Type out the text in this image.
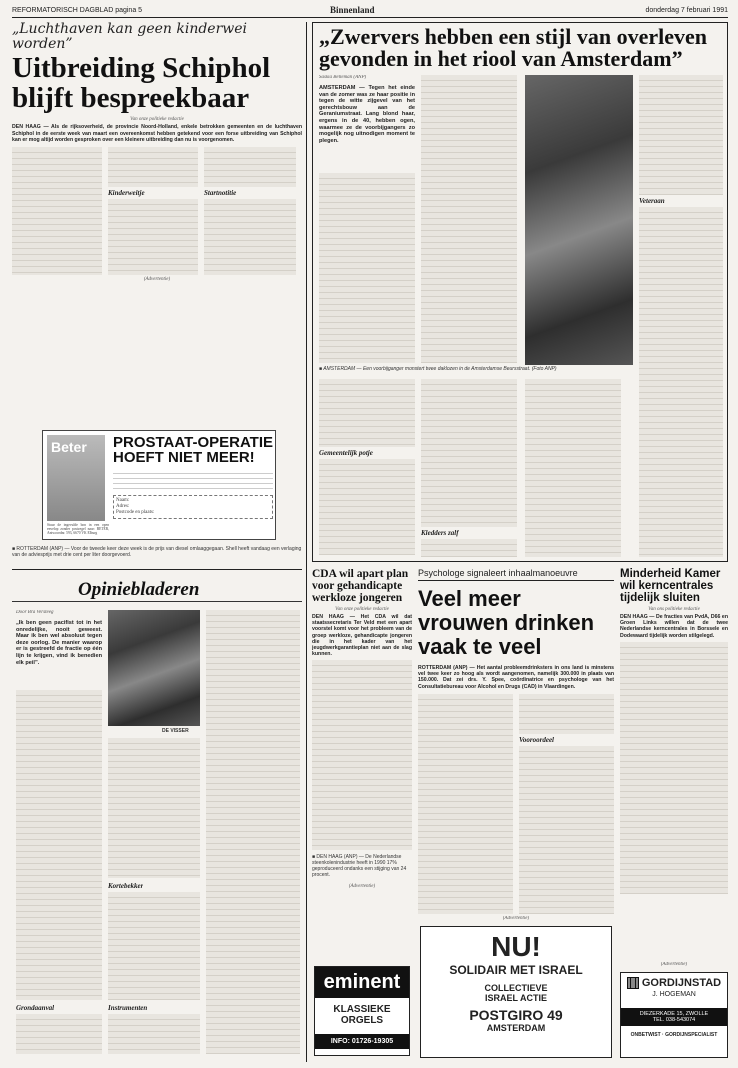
REFORMATORISCH DAGBLAD pagina 5	Binnenland	donderdag 7 februari 1991
„Luchthaven kan geen kinderwei worden”
Uitbreiding Schiphol blijft bespreekbaar
Van onze politieke redactie
DEN HAAG — Als de rijksoverheid, de provincie Noord-Holland, enkele betrokken gemeenten en de luchthaven Schiphol in de eerste week van maart een overeenkomst hebben getekend voor een forse uitbreiding van Schiphol kan er mog altijd worden gesproken over een kleinere uitbreiding dan nu is voorgenomen.
Kinderweitje	Startnotitie
(Advertentie)
Beter	PROSTAAT-OPERATIE HOEFT NIET MEER!
Naam:
Adres:
Postcode en plaats:
Stuur de ingevulde bon in een open envelop zonder postzegel naar: BETER, Antwoordnr. 593, 6670 VK Elburg
■ ROTTERDAM (ANP) — Voor de tweede keer deze week is de prijs van diesel omlaaggegaan. Shell heeft vandaag een verlaging van de adviesprijs met drie cent per liter doorgevoerd.
Opiniebladeren
Door Bra Versteeg
„Ik ben geen pacifist tot in het onredelijke, nooit geweest. Maar ik ben wel absoluut tegen deze oorlog. De manier waarop er is gestreefd de fractie op één lijn te krijgen, vind ik benedien elk peil”.
Grondaanval
DE VISSER
Kortebekker
Instrumenten
„Zwervers hebben een stijl van overleven gevonden in het riool van Amsterdam”
Saskia Belleman (ANP)
AMSTERDAM — Tegen het einde van de zomer was ze haar positie in tegen de witte zijgevel van het gerechtsbouw aan de Geraniumstraat. Lang blond haar, ergens in de 40, hebben ogen, waarmee ze de voorbijgangers zo mogelijk nog uitnodigen moment te plegen.
■ AMSTERDAM — Een voorbijganger monstert twee daklozen in de Amsterdamse Beursstraat. (Foto ANP)
Gemeentelijk potje
Kledders zalf
Veteraan
CDA wil apart plan voor gehandicapte werkloze jongeren
Van onze politieke redactie
DEN HAAG — Het CDA wil dat staatssecretaris Ter Veld met een apart voorstel komt voor het probleem van de groep werkloze, gehandicapte jongeren die in het kader van het jeugdwerkgarantieplan niet aan de slag kunnen.
■ DEN HAAG (ANP) — De Nederlandse steenkolenindustrie heeft in 1990 17% geproduceerd ondanks een stijging van 24 procent.
(Advertentie)
eminent
KLASSIEKE
ORGELS
INFO: 01726-19305
Psychologe signaleert inhaalmanoeuvre
Veel meer vrouwen drinken vaak te veel
ROTTERDAM (ANP) — Het aantal probleemdrinksters in ons land is minstens vel twee keer zo hoog als wordt aangenomen, namelijk 300.000 in plaats van 150.000. Dat zei drs. Y. Spee, coördinatrice en psychologe van het Consultatiebureau voor Alcohol en Drugs (CAD) in Vlaardingen.
Vooroordeel
(Advertentie)
NU!
SOLIDAIR MET ISRAEL
COLLECTIEVE
ISRAEL ACTIE
POSTGIRO 49
AMSTERDAM
Minderheid Kamer wil kerncentrales tijdelijk sluiten
Van ons politieke redactie
DEN HAAG — De fracties van PvdA, D66 en Groen Links willen dat de twee Nederlandse kerncentrales in Borssele en Dodewaard tijdelijk worden stilgelegd.
(Advertentie)
GORDIJNSTAD
J. HOGEMAN
DIEZERKADE 15, ZWOLLE
TEL. 038-543074
ONBETWIST · GORDIJNSPECIALIST
